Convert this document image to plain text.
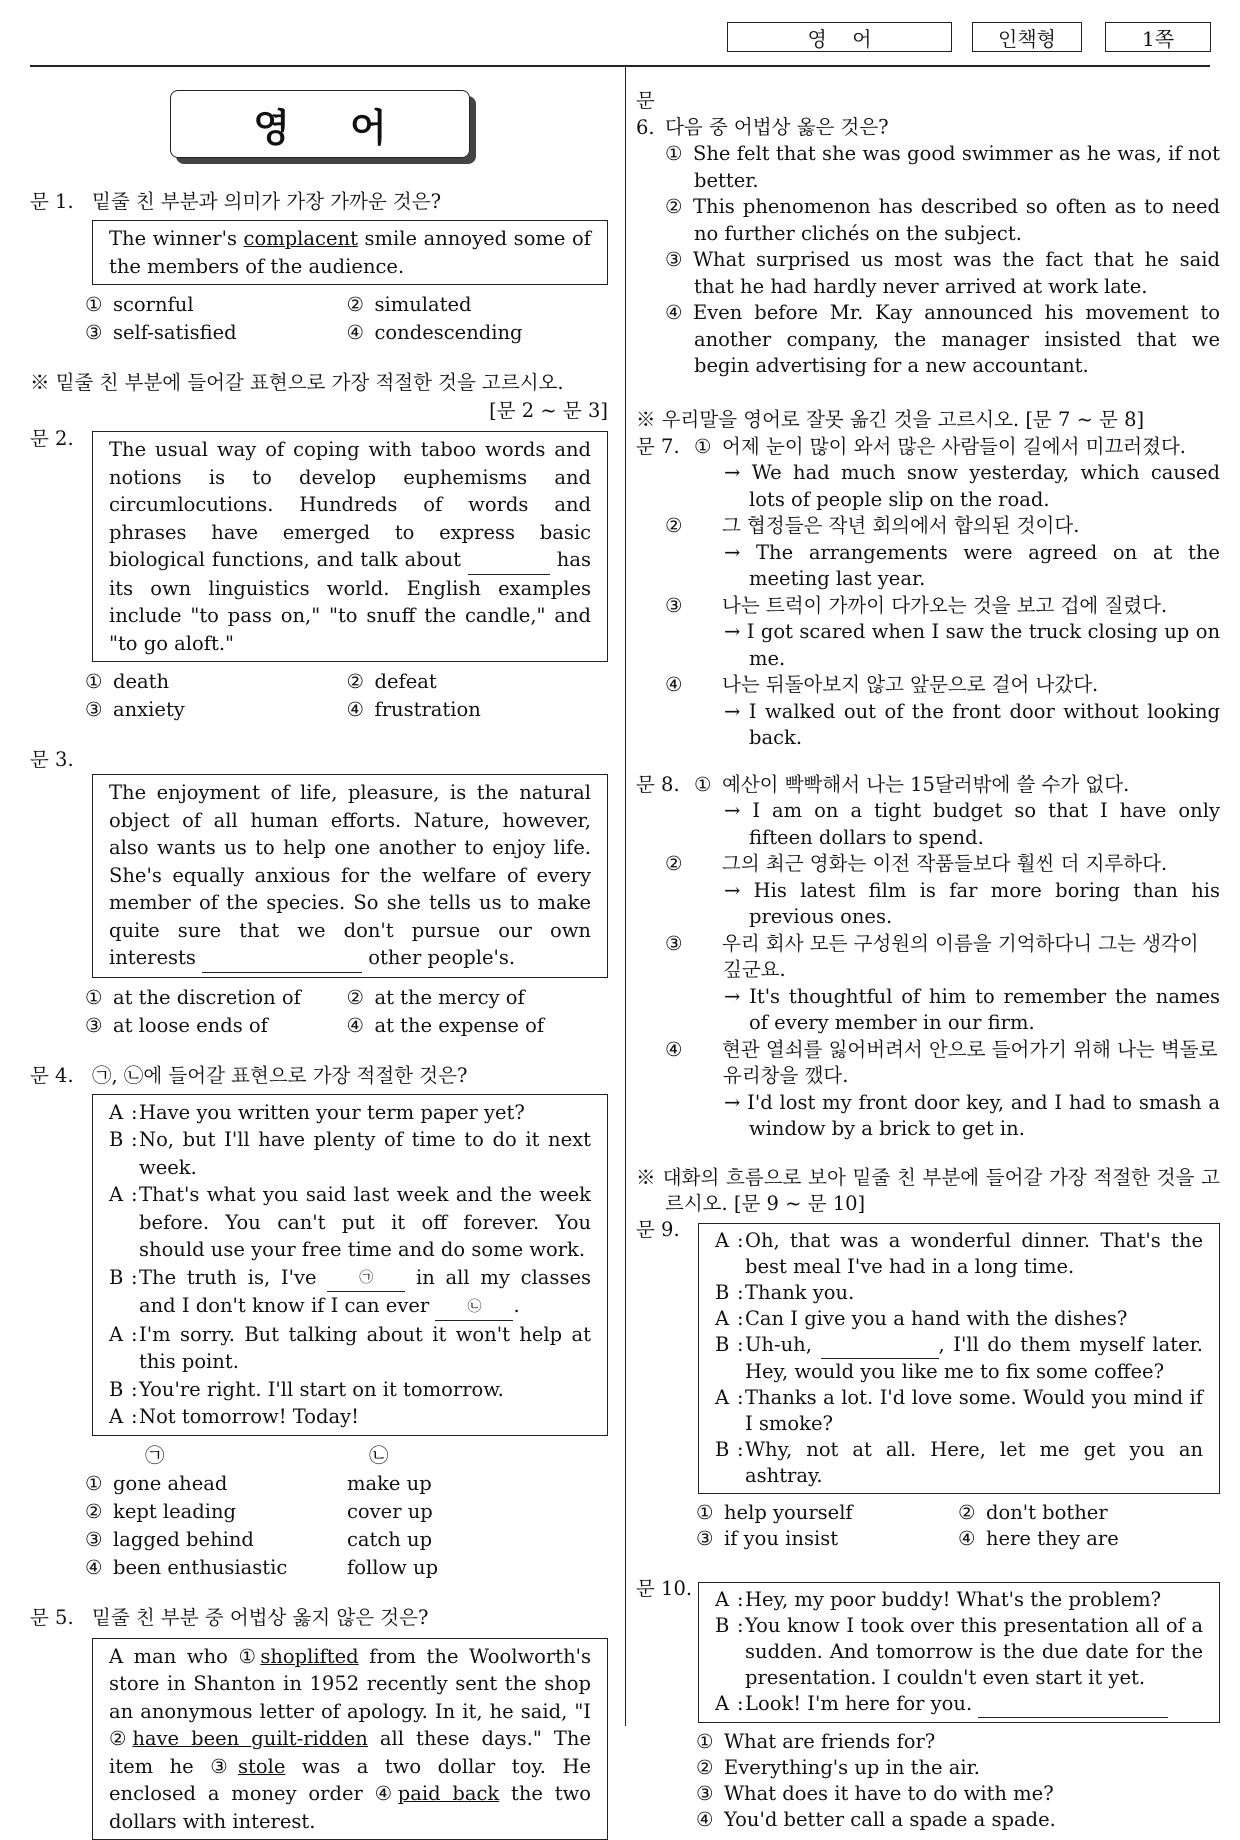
영    어	인책형	1쪽
영어
문 1. 밑줄 친 부분과 의미가 가장 가까운 것은?
The winner's complacent smile annoyed some of the members of the audience.
① scornful	② simulated
③ self-satisfied	④ condescending
※ 밑줄 친 부분에 들어갈 표현으로 가장 적절한 것을 고르시오.
[문 2 ~ 문 3]
문 2.	The usual way of coping with taboo words and notions is to develop euphemisms and circumlocutions. Hundreds of words and phrases have emerged to express basic biological functions, and talk about	has its own linguistics world. English examples include "to pass on," "to snuff the candle," and "to go aloft."
① death	② defeat
③ anxiety	④ frustration
문 3.
The enjoyment of life, pleasure, is the natural object of all human efforts. Nature, however, also wants us to help one another to enjoy life. She's equally anxious for the welfare of every member of the species. So she tells us to make quite sure that we don't pursue our own interests	other people's.
① at the discretion of	② at the mercy of
③ at loose ends of	④ at the expense of
문 4. ㉠, ㉡에 들어갈 표현으로 가장 적절한 것은?
A : Have you written your term paper yet?
B : No, but I'll have plenty of time to do it next week.
A : That's what you said last week and the week before. You can't put it off forever. You should use your free time and do some work.
B : The truth is, I've ㉠ in all my classes and I don't know if I can ever ㉡ .
A : I'm sorry. But talking about it won't help at this point.
B : You're right. I'll start on it tomorrow.
A : Not tomorrow! Today!
㉠	㉡
① gone ahead	make up
② kept leading	cover up
③ lagged behind	catch up
④ been enthusiastic	follow up
문 5. 밑줄 친 부분 중 어법상 옳지 않은 것은?
A man who ①shoplifted from the Woolworth's store in Shanton in 1952 recently sent the shop an anonymous letter of apology. In it, he said, "I ②have been guilt-ridden all these days." The item he ③stole was a two dollar toy. He enclosed a money order ④paid back the two dollars with interest.
문 6. 다음 중 어법상 옳은 것은?
① She felt that she was good swimmer as he was, if not better.
② This phenomenon has described so often as to need no further clichés on the subject.
③ What surprised us most was the fact that he said that he had hardly never arrived at work late.
④ Even before Mr. Kay announced his movement to another company, the manager insisted that we begin advertising for a new accountant.
※ 우리말을 영어로 잘못 옮긴 것을 고르시오. [문 7 ~ 문 8]
문 7. ① 어제 눈이 많이 와서 많은 사람들이 길에서 미끄러졌다.
→ We had much snow yesterday, which caused lots of people slip on the road.
② 그 협정들은 작년 회의에서 합의된 것이다.
→ The arrangements were agreed on at the meeting last year.
③ 나는 트럭이 가까이 다가오는 것을 보고 겁에 질렸다.
→ I got scared when I saw the truck closing up on me.
④ 나는 뒤돌아보지 않고 앞문으로 걸어 나갔다.
→ I walked out of the front door without looking back.
문 8. ① 예산이 빡빡해서 나는 15달러밖에 쓸 수가 없다.
→ I am on a tight budget so that I have only fifteen dollars to spend.
② 그의 최근 영화는 이전 작품들보다 훨씬 더 지루하다.
→ His latest film is far more boring than his previous ones.
③ 우리 회사 모든 구성원의 이름을 기억하다니 그는 생각이 깊군요.
→ It's thoughtful of him to remember the names of every member in our firm.
④ 현관 열쇠를 잃어버려서 안으로 들어가기 위해 나는 벽돌로 유리창을 깼다.
→ I'd lost my front door key, and I had to smash a window by a brick to get in.
※ 대화의 흐름으로 보아 밑줄 친 부분에 들어갈 가장 적절한 것을 고르시오. [문 9 ~ 문 10]
문 9.	A : Oh, that was a wonderful dinner. That's the best meal I've had in a long time.
B : Thank you.
A : Can I give you a hand with the dishes?
B : Uh-uh,	, I'll do them myself later. Hey, would you like me to fix some coffee?
A : Thanks a lot. I'd love some. Would you mind if I smoke?
B : Why, not at all. Here, let me get you an ashtray.
① help yourself	② don't bother
③ if you insist	④ here they are
문 10.	A : Hey, my poor buddy! What's the problem?
B : You know I took over this presentation all of a sudden. And tomorrow is the due date for the presentation. I couldn't even start it yet.
A : Look! I'm here for you.
① What are friends for?
② Everything's up in the air.
③ What does it have to do with me?
④ You'd better call a spade a spade.
